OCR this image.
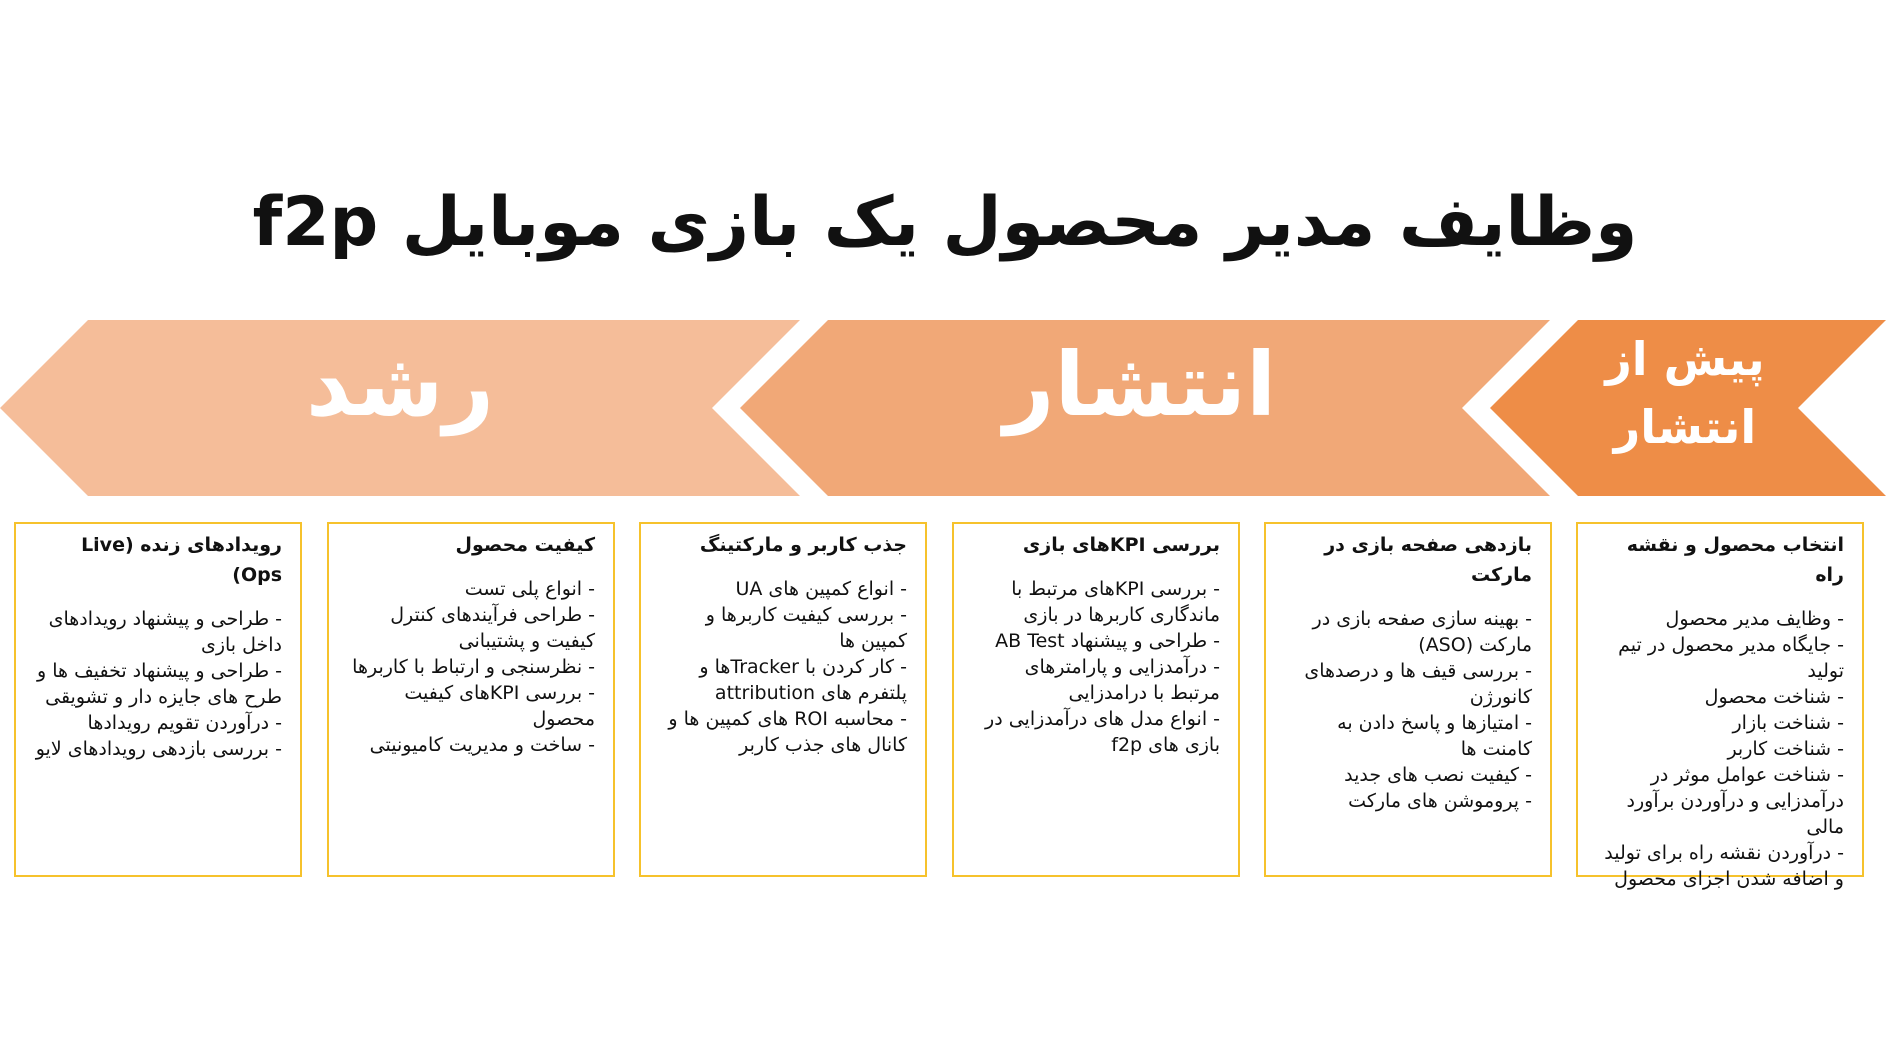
وظایف مدیر محصول یک بازی موبایل f2p
پیش از انتشار
انتشار
رشد
انتخاب محصول و نقشه راه
- وظایف مدیر محصول
- جایگاه مدیر محصول در تیم تولید
- شناخت محصول
- شناخت بازار
- شناخت کاربر
- شناخت عوامل موثر در درآمدزایی و درآوردن برآورد مالی
- درآوردن نقشه راه برای تولید و اضافه شدن اجزای محصول
بازدهی صفحه بازی در مارکت
- بهینه سازی صفحه بازی در مارکت (ASO)
- بررسی قیف ها و درصدهای کانورژن
- امتیازها و پاسخ دادن به کامنت ها
- کیفیت نصب های جدید
- پروموشن های مارکت
بررسی KPIهای بازی
- بررسی KPIهای مرتبط با ماندگاری کاربرها در بازی
- طراحی و پیشنهاد AB Test
- درآمدزایی و پارامترهای مرتبط با درامدزایی
- انواع مدل های درآمدزایی در بازی های f2p
جذب کاربر و مارکتینگ
- انواع کمپین های UA
- بررسی کیفیت کاربرها و کمپین ها
- کار کردن با Trackerها و پلتفرم های attribution
- محاسبه ROI های کمپین ها و کانال های جذب کاربر
کیفیت محصول
- انواع پلی تست
- طراحی فرآیندهای کنترل کیفیت و پشتیبانی
- نظرسنجی و ارتباط با کاربرها
- بررسی KPIهای کیفیت محصول
- ساخت و مدیریت کامیونیتی
رویدادهای زنده (Live Ops)
- طراحی و پیشنهاد رویدادهای داخل بازی
- طراحی و پیشنهاد تخفیف ها و طرح های جایزه دار و تشویقی
- درآوردن تقویم رویدادها
- بررسی بازدهی رویدادهای لایو
